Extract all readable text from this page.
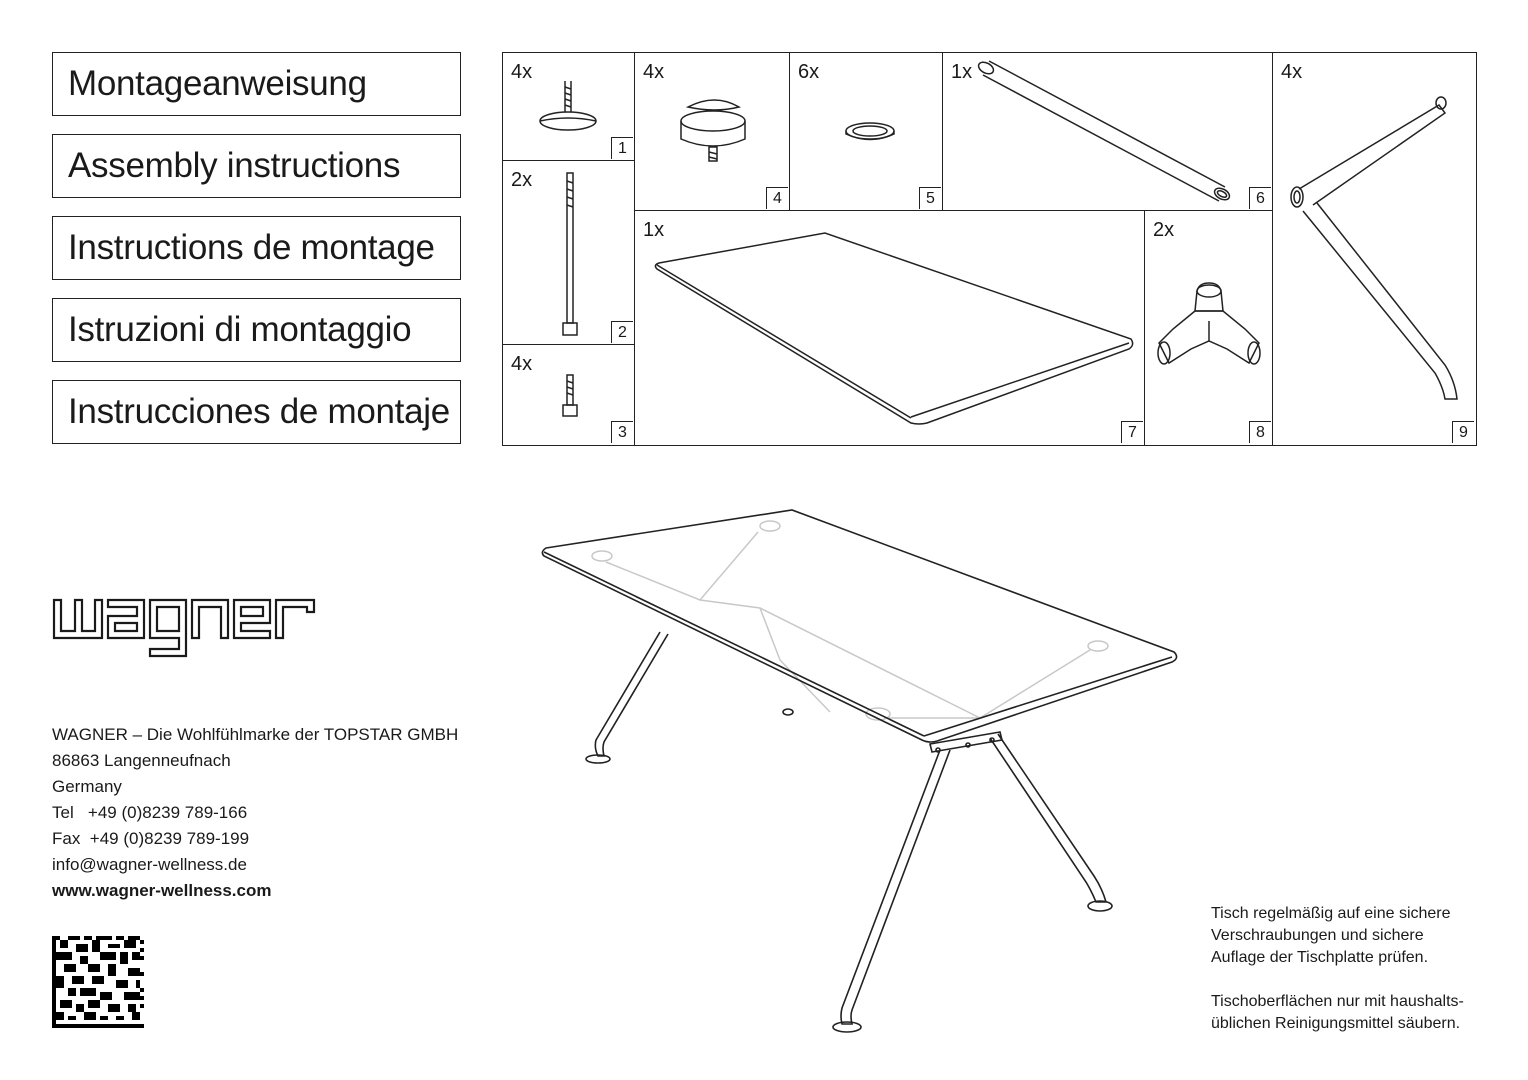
Montageanweisung
Assembly instructions
Instructions de montage
Istruzioni di montaggio
Instrucciones de montaje
4x
1
2x
2
4x
3
4x
4
6x
5
1x
6
1x
7
2x
8
4x
9
WAGNER – Die Wohlfühlmarke der TOPSTAR GMBH
86863 Langenneufnach
Germany
Tel   +49 (0)8239 789-166
Fax  +49 (0)8239 789-199
info@wagner-wellness.de
www.wagner-wellness.com

Tisch regelmäßig auf eine sichere
Verschraubungen und sichere
Auflage der Tischplatte prüfen.

Tischoberflächen nur mit haushalts-
üblichen Reinigungsmittel säubern.
